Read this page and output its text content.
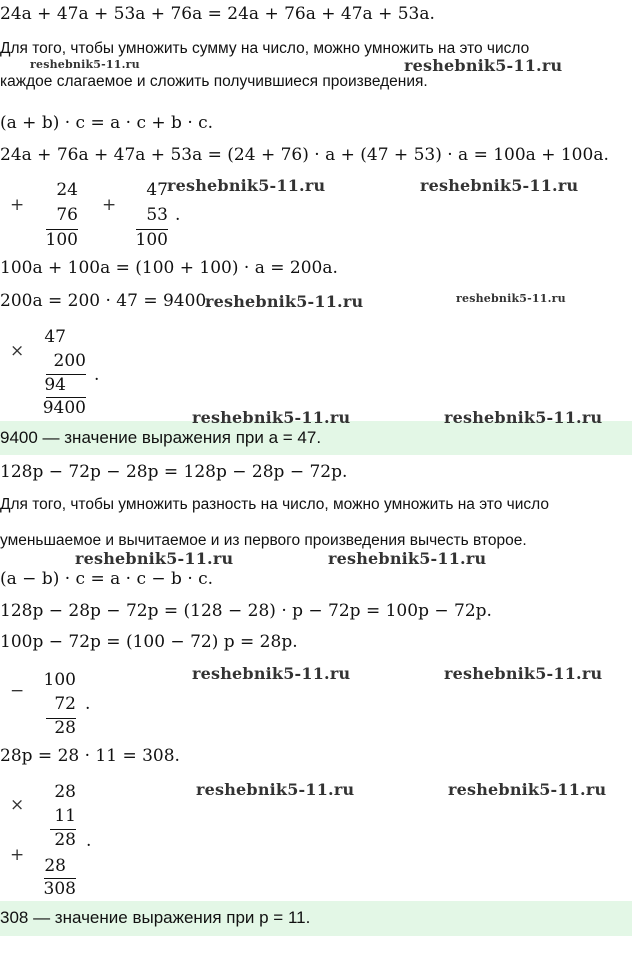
24a + 47a + 53a + 76a = 24a + 76a + 47a + 53a.
Для того, чтобы умножить сумму на число, можно умножить на это число
каждое слагаемое и сложить получившиеся произведения.
(a + b) · c = a · c + b · c.
24a + 76a + 47a + 53a = (24 + 76) · a + (47 + 53) · a = 100a + 100a.
+
24
76
100
+
47
53
100
.
100a + 100a = (100 + 100) · a = 200a.
200a = 200 · 47 = 9400.
×
47
200
94
9400
.
9400 — значение выражения при a = 47.
128p − 72p − 28p = 128p − 28p − 72p.
Для того, чтобы умножить разность на число, можно умножить на это число
уменьшаемое и вычитаемое и из первого произведения вычесть второе.
(a − b) · c = a · c − b · c.
128p − 28p − 72p = (128 − 28) · p − 72p = 100p − 72p.
100p − 72p = (100 − 72) p = 28p.
−
100
72
28
.
28p = 28 · 11 = 308.
×
28
11
28
+
28
308
.
308 — значение выражения при p = 11.
reshebnik5-11.ru	reshebnik5-11.ru
reshebnik5-11.ru	reshebnik5-11.ru
reshebnik5-11.ru	reshebnik5-11.ru
reshebnik5-11.ru	reshebnik5-11.ru
reshebnik5-11.ru	reshebnik5-11.ru
reshebnik5-11.ru	reshebnik5-11.ru
reshebnik5-11.ru	reshebnik5-11.ru
